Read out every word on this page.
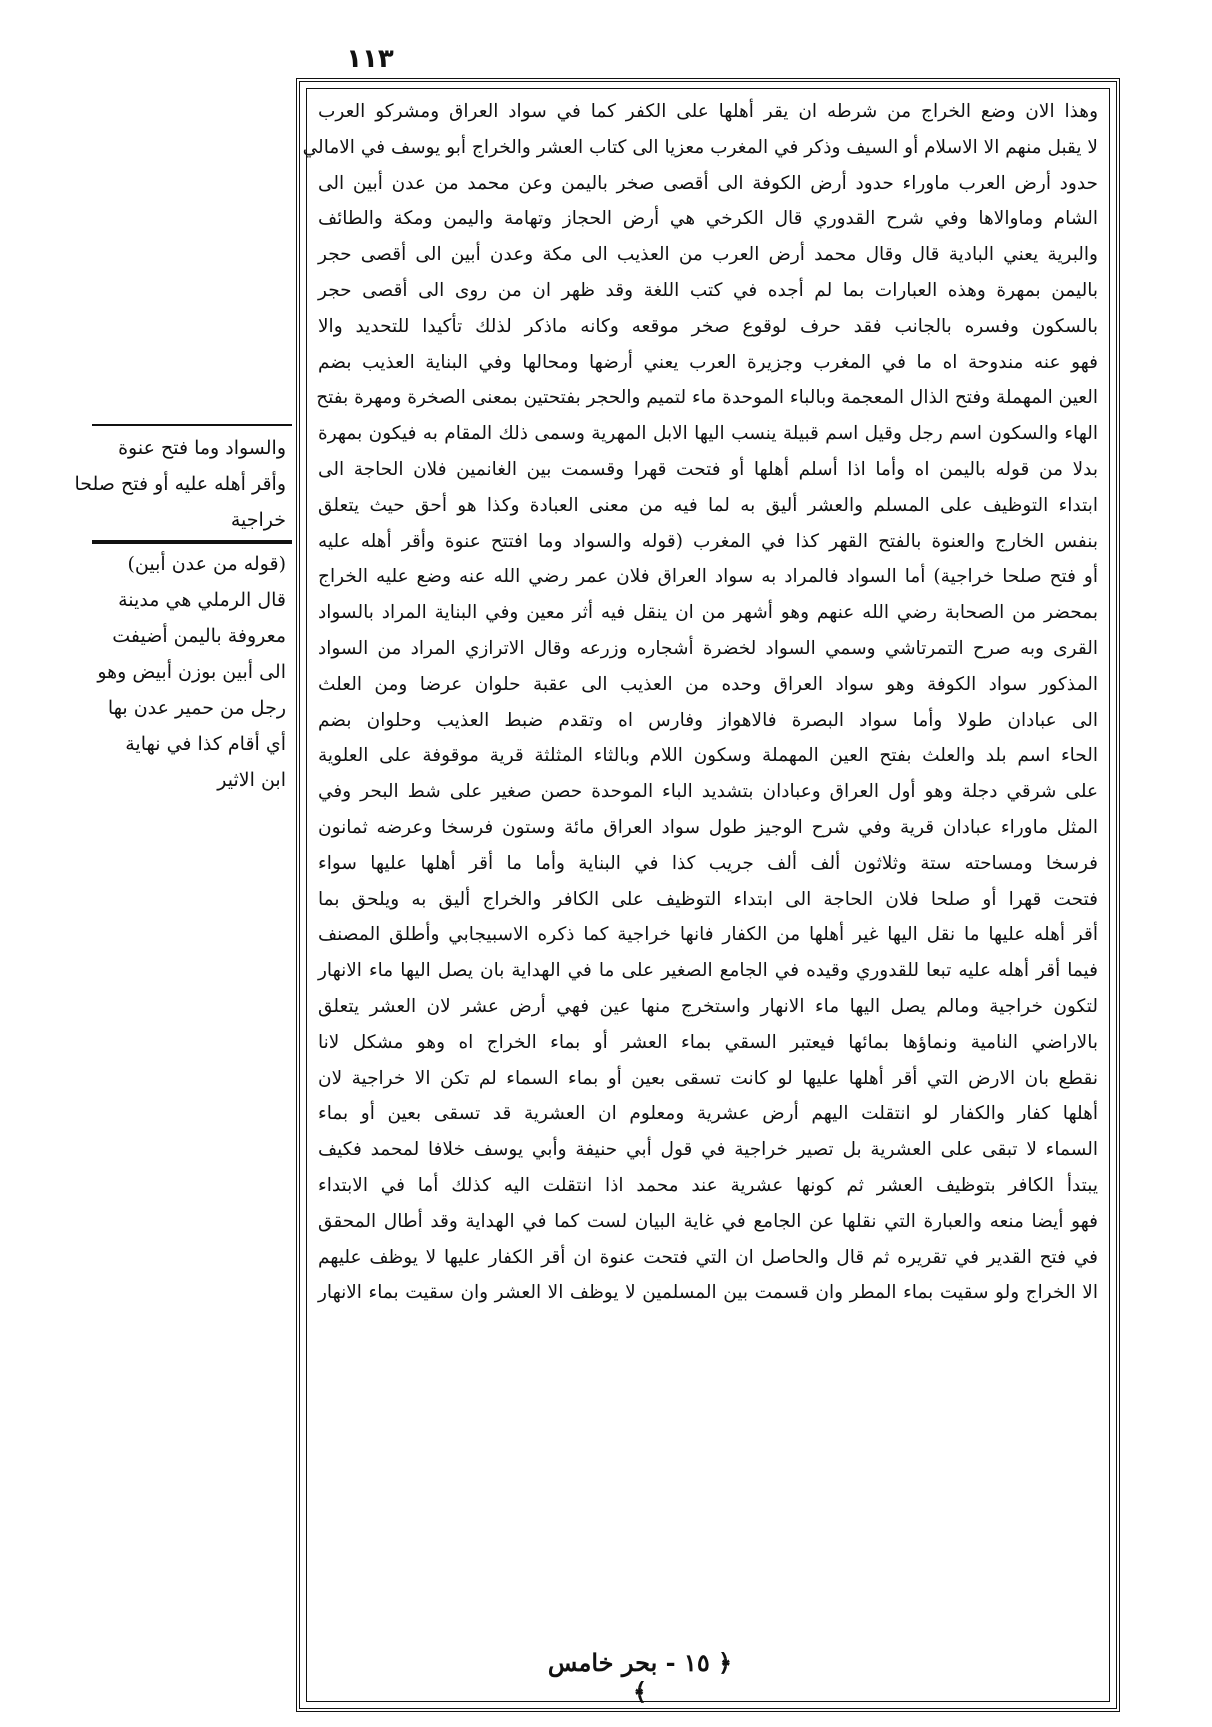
١١٣
وهذا الان وضع الخراج من شرطه ان يقر أهلها على الكفر كما في سواد العراق ومشركو العرب
لا يقبل منهم الا الاسلام أو السيف وذكر في المغرب معزيا الى كتاب العشر والخراج أبو يوسف في الامالي
حدود أرض العرب ماوراء حدود أرض الكوفة الى أقصى صخر باليمن وعن محمد من عدن أبين الى
الشام وماوالاها وفي شرح القدوري قال الكرخي هي أرض الحجاز وتهامة واليمن ومكة والطائف
والبرية يعني البادية قال وقال محمد أرض العرب من العذيب الى مكة وعدن أبين الى أقصى حجر
باليمن بمهرة وهذه العبارات بما لم أجده في كتب اللغة وقد ظهر ان من روى الى أقصى حجر
بالسكون وفسره بالجانب فقد حرف لوقوع صخر موقعه وكانه ماذكر لذلك تأكيدا للتحديد والا
فهو عنه مندوحة اه ما في المغرب وجزيرة العرب يعني أرضها ومحالها وفي البناية العذيب بضم
العين المهملة وفتح الذال المعجمة وبالباء الموحدة ماء لتميم والحجر بفتحتين بمعنى الصخرة ومهرة بفتح
الهاء والسكون اسم رجل وقيل اسم قبيلة ينسب اليها الابل المهرية وسمى ذلك المقام به فيكون بمهرة
بدلا من قوله باليمن اه وأما اذا أسلم أهلها أو فتحت قهرا وقسمت بين الغانمين فلان الحاجة الى
ابتداء التوظيف على المسلم والعشر أليق به لما فيه من معنى العبادة وكذا هو أحق حيث يتعلق
بنفس الخارج والعنوة بالفتح القهر كذا في المغرب (قوله والسواد وما افتتح عنوة وأقر أهله عليه
أو فتح صلحا خراجية) أما السواد فالمراد به سواد العراق فلان عمر رضي الله عنه وضع عليه الخراج
بمحضر من الصحابة رضي الله عنهم وهو أشهر من ان ينقل فيه أثر معين وفي البناية المراد بالسواد
القرى وبه صرح التمرتاشي وسمي السواد لخضرة أشجاره وزرعه وقال الاترازي المراد من السواد
المذكور سواد الكوفة وهو سواد العراق وحده من العذيب الى عقبة حلوان عرضا ومن العلث
الى عبادان طولا وأما سواد البصرة فالاهواز وفارس اه وتقدم ضبط العذيب وحلوان بضم
الحاء اسم بلد والعلث بفتح العين المهملة وسكون اللام وبالثاء المثلثة قرية موقوفة على العلوية
على شرقي دجلة وهو أول العراق وعبادان بتشديد الباء الموحدة حصن صغير على شط البحر وفي
المثل ماوراء عبادان قرية وفي شرح الوجيز طول سواد العراق مائة وستون فرسخا وعرضه ثمانون
فرسخا ومساحته ستة وثلاثون ألف ألف جريب كذا في البناية وأما ما أقر أهلها عليها سواء
فتحت قهرا أو صلحا فلان الحاجة الى ابتداء التوظيف على الكافر والخراج أليق به ويلحق بما
أقر أهله عليها ما نقل اليها غير أهلها من الكفار فانها خراجية كما ذكره الاسبيجابي وأطلق المصنف
فيما أقر أهله عليه تبعا للقدوري وقيده في الجامع الصغير على ما في الهداية بان يصل اليها ماء الانهار
لتكون خراجية ومالم يصل اليها ماء الانهار واستخرج منها عين فهي أرض عشر لان العشر يتعلق
بالاراضي النامية ونماؤها بمائها فيعتبر السقي بماء العشر أو بماء الخراج اه وهو مشكل لانا
نقطع بان الارض التي أقر أهلها عليها لو كانت تسقى بعين أو بماء السماء لم تكن الا خراجية لان
أهلها كفار والكفار لو انتقلت اليهم أرض عشرية ومعلوم ان العشرية قد تسقى بعين أو بماء
السماء لا تبقى على العشرية بل تصير خراجية في قول أبي حنيفة وأبي يوسف خلافا لمحمد فكيف
يبتدأ الكافر بتوظيف العشر ثم كونها عشرية عند محمد اذا انتقلت اليه كذلك أما في الابتداء
فهو أيضا منعه والعبارة التي نقلها عن الجامع في غاية البيان لست كما في الهداية وقد أطال المحقق
في فتح القدير في تقريره ثم قال والحاصل ان التي فتحت عنوة ان أقر الكفار عليها لا يوظف عليهم
الا الخراج ولو سقيت بماء المطر وان قسمت بين المسلمين لا يوظف الا العشر وان سقيت بماء الانهار
والسواد وما فتح عنوة
وأقر أهله عليه أو فتح صلحا
خراجية
(قوله من عدن أبين)
قال الرملي هي مدينة
معروفة باليمن أضيفت
الى أبين بوزن أبيض وهو
رجل من حمير عدن بها
أي أقام كذا في نهاية
ابن الاثير
﴿ ١٥ - بحر خامس ﴾
